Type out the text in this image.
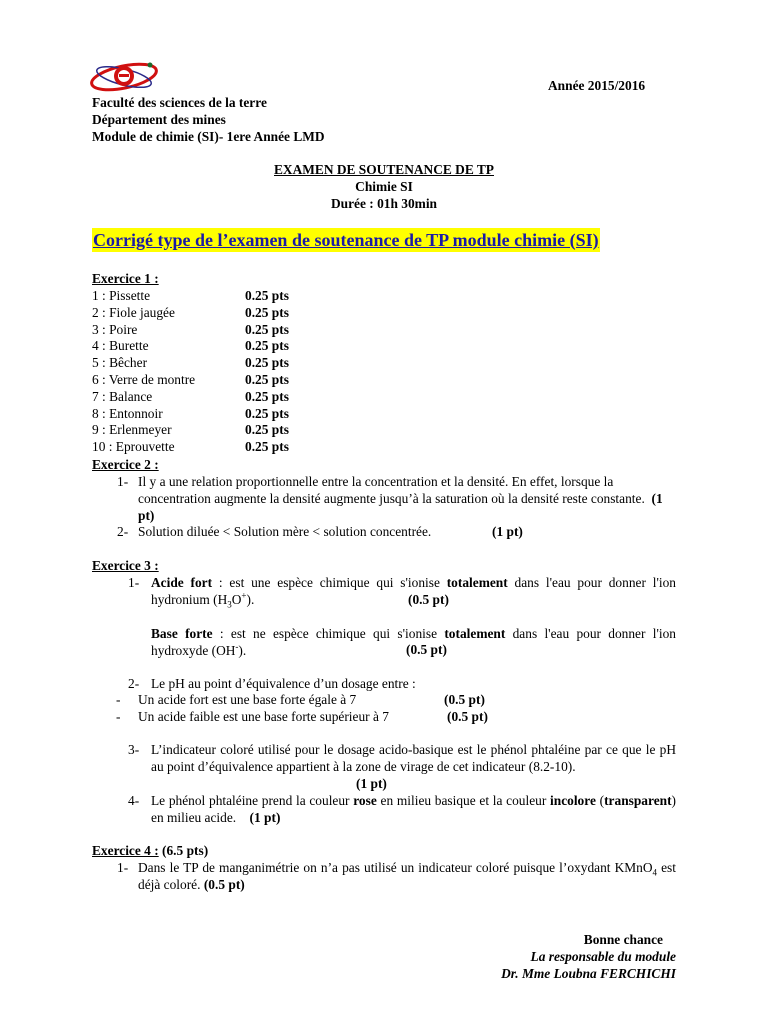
Année 2015/2016
Faculté des sciences de la terre
Département des mines
Module de chimie (SI)- 1ere Année LMD
EXAMEN DE SOUTENANCE DE TP
Chimie SI
Durée : 01h 30min
Corrigé type de l’examen de soutenance de TP module chimie (SI)
Exercice 1 :
1 : Pissette	0.25 pts
2 : Fiole jaugée	0.25 pts
3 : Poire	0.25 pts
4 : Burette	0.25 pts
5 : Bêcher	0.25 pts
6 : Verre de montre	0.25 pts
7 : Balance	0.25 pts
8 : Entonnoir	0.25 pts
9 : Erlenmeyer	0.25 pts
10 : Eprouvette	0.25 pts
Exercice 2 :
1- Il y a une relation proportionnelle entre la concentration et la densité. En effet, lorsque la concentration augmente la densité augmente jusqu’à la saturation où la densité reste constante. (1 pt)
2- Solution diluée < Solution mère < solution concentrée.	(1 pt)
Exercice 3 :
1- Acide fort : est une espèce chimique qui s'ionise totalement dans l'eau pour donner l'ion hydronium $(H_3O^+)$.	(0.5 pt)
Base forte : est ne espèce chimique qui s'ionise totalement dans l'eau pour donner l'ion hydroxyde (OH-).	(0.5 pt)
2- Le pH au point d’équivalence d’un dosage entre :
- Un acide fort est une base forte égale à 7	(0.5 pt)
- Un acide faible est une base forte supérieur à 7	(0.5 pt)
3- L’indicateur coloré utilisé pour le dosage acido-basique est le phénol phtaléine par ce que le pH au point d’équivalence appartient à la zone de virage de cet indicateur (8.2-10).
(1 pt)
4- Le phénol phtaléine prend la couleur rose en milieu basique et la couleur incolore (transparent) en milieu acide. (1 pt)
Exercice 4 : (6.5 pts)
1- Dans le TP de manganimétrie on n’a pas utilisé un indicateur coloré puisque l’oxydant KMnO$_4$ est déjà coloré. (0.5 pt)
Bonne chance
La responsable du module
Dr. Mme Loubna FERCHICHI
